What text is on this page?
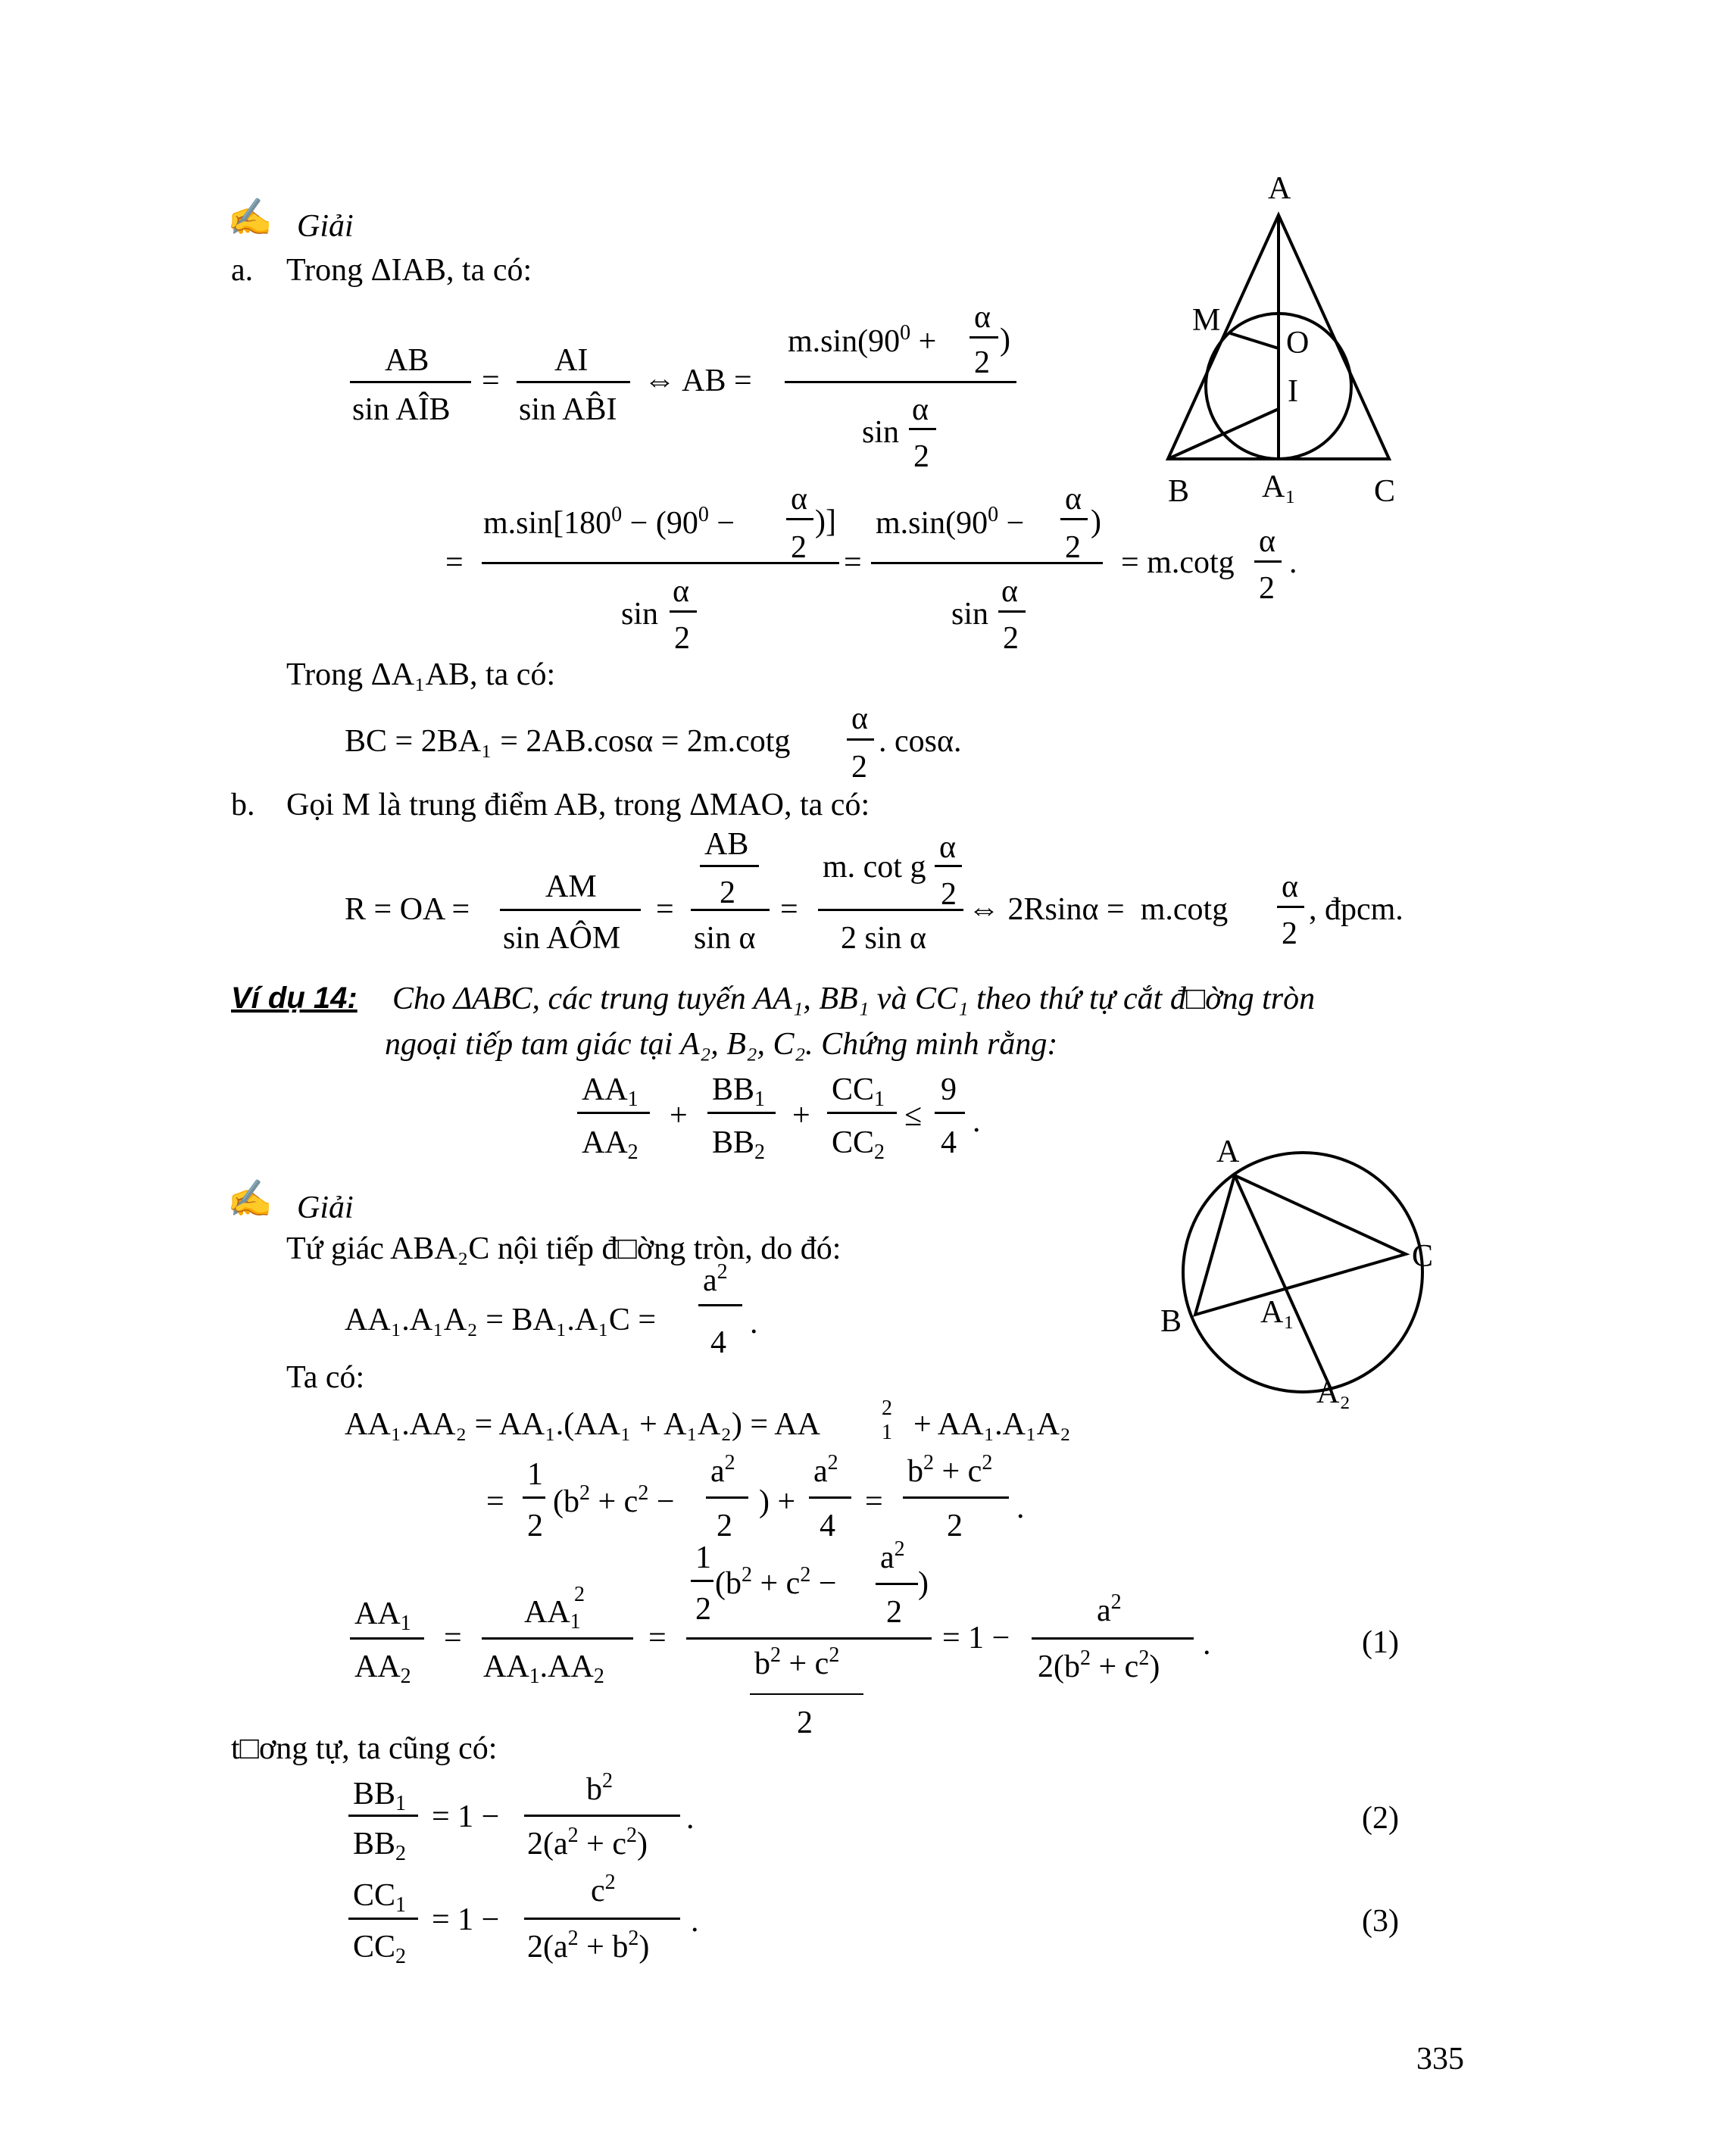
✍ Giải
a. Trong ΔIAB, ta có:
AB
sin AÎB
=
AI
sin AB̂I
⇔ AB =
$m.\sin(90^0$ +
α
2
)
sin
α
2
=
$m.\sin[180^0 - (90^0$ −
α
2
)]
sin
α
2
=
$m.\sin(90^0$ −
α
2
)
sin
α
2
= m.cotg
α
2
.
Trong ΔA₁AB, ta có:
BC = 2BA₁ = 2AB.cosα = 2m.cotg
α
2
. cosα.
b. Gọi M là trung điểm AB, trong ΔMAO, ta có:
R = OA =
AM
sin AÔM
=
AB
2
sin α
=
m. cot g
α
2
2 sin α
⇔ 2Rsinα =  m.cotg
α
2
, đpcm.
Ví dụ 14: Cho ΔABC, các trung tuyến AA₁, BB₁ và CC₁ theo thứ tự cắt đ□ờng tròn
ngoại tiếp tam giác tại A₂, B₂, C₂. Chứng minh rằng:
AA1
AA2
+
BB1
BB2
+
CC1
CC2
≤
9
4
.
✍ Giải
Tứ giác ABA₂C nội tiếp đ□ờng tròn, do đó:
AA₁.A₁A₂ = BA₁.A₁C =
$a^2$
4
.
Ta có:
AA₁.AA₂ = AA₁.(AA₁ + A₁A₂) = AA	2
1 + AA₁.A₁A₂
=
1
2
($b^2 + c^2$ −
$a^2$
2
) +
$a^2$
4
=
$b^2 + c^2$
2
.
AA1
AA2
=
AA1
2
AA1.AA2
=
1
2
($b^2 + c^2$ −
$a^2$
2
)
$b^2 + c^2$
2
= 1 −
$a^2$
$2(b^2 + c^2)$
.	(1)
t□ơng tự, ta cũng có:
BB1
BB2
= 1 −
$b^2$
$2(a^2 + c^2)$
.	(2)
CC1
CC2
= 1 −
$c^2$
$2(a^2 + b^2)$
.	(3)
335
A
M
O
I
B A₁ C
A
C
B A₁
A₂
